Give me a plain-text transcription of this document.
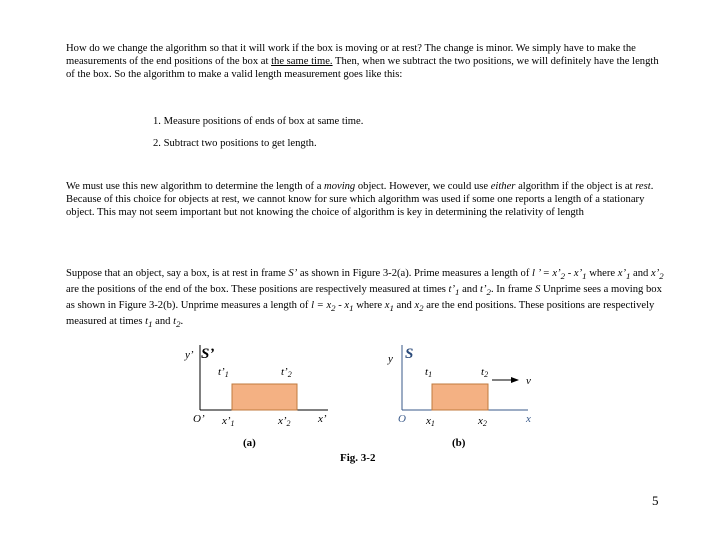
How do we change the algorithm so that it will work if the box is moving or at rest? The change is minor. We simply have to make the measurements of the end positions of the box at the same time. Then, when we subtract the two positions, we will definitely have the length of the box. So the algorithm to make a valid length measurement goes like this:

1. Measure positions of ends of box at same time.
2. Subtract two positions to get length.

We must use this new algorithm to determine the length of a moving object. However, we could use either algorithm if the object is at rest. Because of this choice for objects at rest, we cannot know for sure which algorithm was used if some one reports a length of a stationary object. This may not seem important but not knowing the choice of algorithm is key in determining the relativity of length

Suppose that an object, say a box, is at rest in frame S’ as shown in Figure 3-2(a). Prime measures a length of l ’ = $x’_2$ - $x’_1$ where $x’_1$ and $x’_2$ are the positions of the end of the box. These positions are respectively measured at times $t’_1$ and $t’_2$. In frame S Unprime sees a moving box as shown in Figure 3-2(b). Unprime measures a length of $l = x_2 - x_1$ where $x_1$ and $x_2$ are the end positions. These positions are respectively measured at times $t_1$ and $t_2$.

y’ S’
t’1	t’2
O’ x’1	x’2 x’
(a)
y S
t1	t2
v
O x1	x2	x
(b)
Fig. 3-2
5
